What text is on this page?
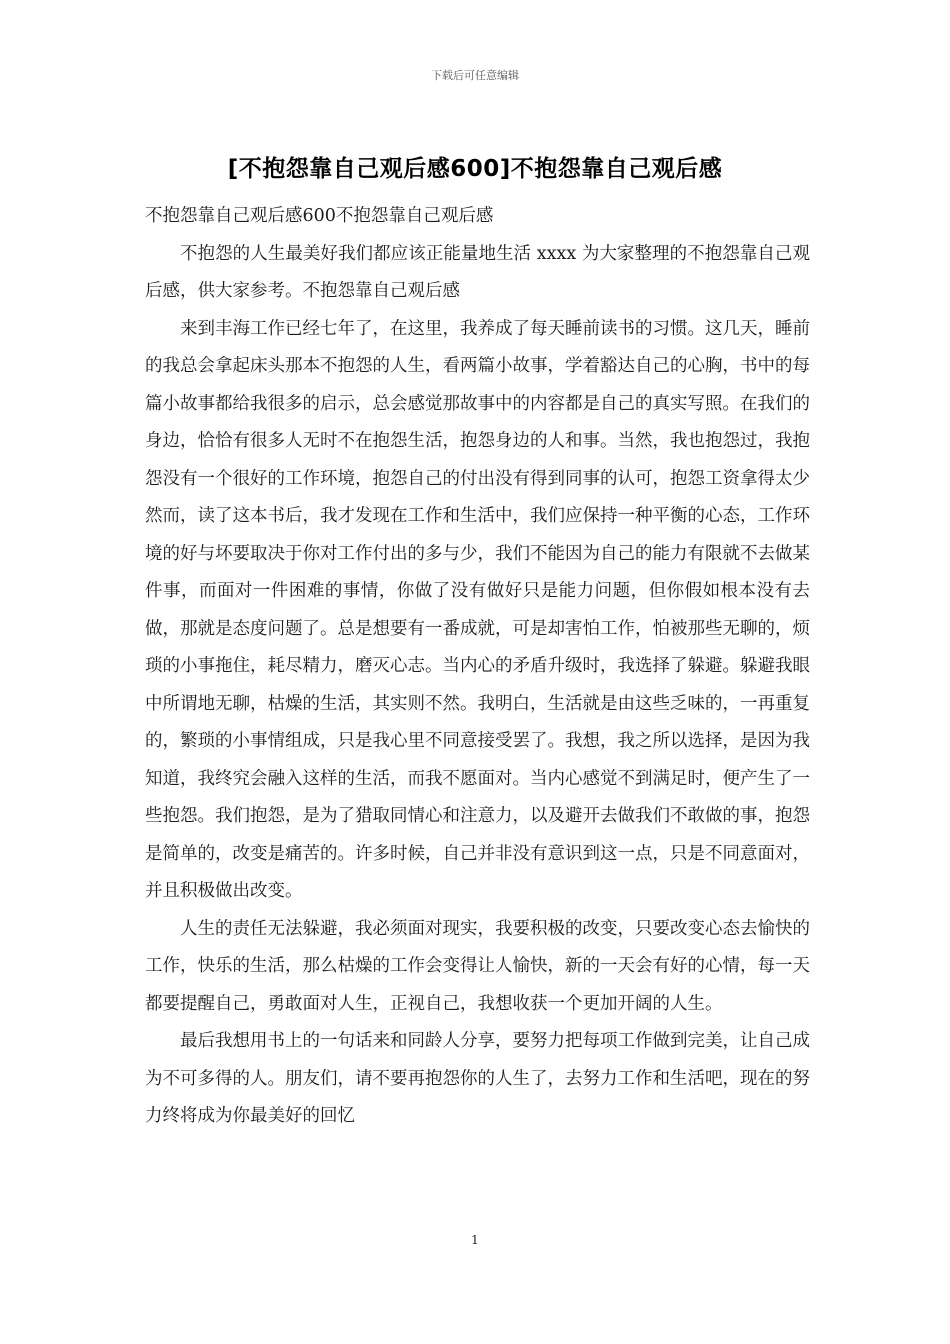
下载后可任意编辑
[不抱怨靠自己观后感600]不抱怨靠自己观后感

不抱怨靠自己观后感600不抱怨靠自己观后感

不抱怨的人生最美好我们都应该正能量地生活 xxxx 为大家整理的不抱怨靠自己观后感，供大家参考。不抱怨靠自己观后感

来到丰海工作已经七年了，在这里，我养成了每天睡前读书的习惯。这几天，睡前的我总会拿起床头那本不抱怨的人生，看两篇小故事，学着豁达自己的心胸，书中的每篇小故事都给我很多的启示，总会感觉那故事中的内容都是自己的真实写照。在我们的身边，恰恰有很多人无时不在抱怨生活，抱怨身边的人和事。当然，我也抱怨过，我抱怨没有一个很好的工作环境，抱怨自己的付出没有得到同事的认可，抱怨工资拿得太少然而，读了这本书后，我才发现在工作和生活中，我们应保持一种平衡的心态，工作环境的好与坏要取决于你对工作付出的多与少，我们不能因为自己的能力有限就不去做某件事，而面对一件困难的事情，你做了没有做好只是能力问题，但你假如根本没有去做，那就是态度问题了。总是想要有一番成就，可是却害怕工作，怕被那些无聊的，烦琐的小事拖住，耗尽精力，磨灭心志。当内心的矛盾升级时，我选择了躲避。躲避我眼中所谓地无聊，枯燥的生活，其实则不然。我明白，生活就是由这些乏味的，一再重复的，繁琐的小事情组成，只是我心里不同意接受罢了。我想，我之所以选择，是因为我知道，我终究会融入这样的生活，而我不愿面对。当内心感觉不到满足时，便产生了一些抱怨。我们抱怨，是为了猎取同情心和注意力，以及避开去做我们不敢做的事，抱怨是简单的，改变是痛苦的。许多时候，自己并非没有意识到这一点，只是不同意面对，并且积极做出改变。

人生的责任无法躲避，我必须面对现实，我要积极的改变，只要改变心态去愉快的工作，快乐的生活，那么枯燥的工作会变得让人愉快，新的一天会有好的心情，每一天都要提醒自己，勇敢面对人生，正视自己，我想收获一个更加开阔的人生。

最后我想用书上的一句话来和同龄人分享，要努力把每项工作做到完美，让自己成为不可多得的人。朋友们，请不要再抱怨你的人生了，去努力工作和生活吧，现在的努力终将成为你最美好的回忆

1
